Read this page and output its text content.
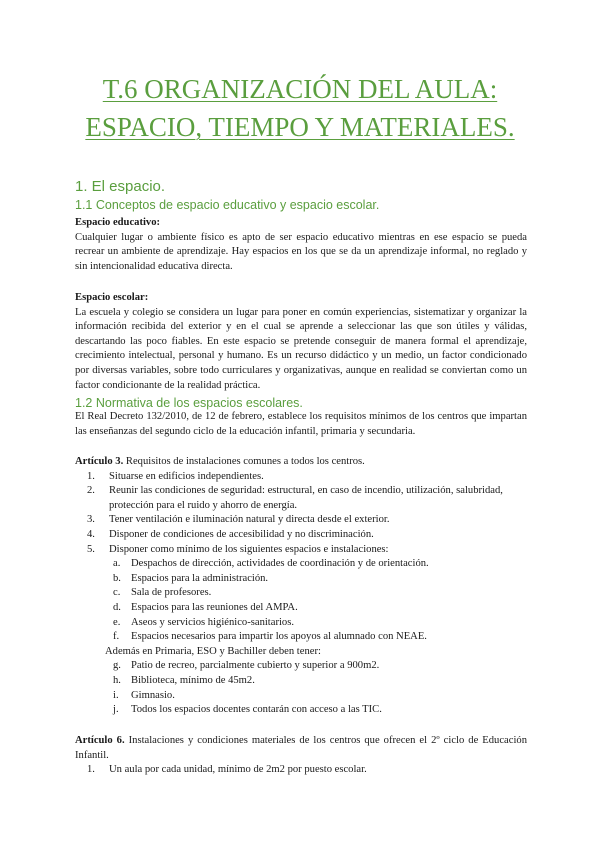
T.6 ORGANIZACIÓN DEL AULA:
ESPACIO, TIEMPO Y MATERIALES.
1. El espacio.
1.1 Conceptos de espacio educativo y espacio escolar.
Espacio educativo:

Cualquier lugar o ambiente físico es apto de ser espacio educativo mientras en ese espacio se pueda recrear un ambiente de aprendizaje. Hay espacios en los que se da un aprendizaje informal, no reglado y sin intencionalidad educativa directa.

Espacio escolar:

La escuela y colegio se considera un lugar para poner en común experiencias, sistematizar y organizar la información recibida del exterior y en el cual se aprende a seleccionar las que son útiles y válidas, descartando las poco fiables. En este espacio se pretende conseguir de manera formal el aprendizaje, crecimiento intelectual, personal y humano. Es un recurso didáctico y un medio, un factor condicionado por diversas variables, sobre todo curriculares y organizativas, aunque en realidad se conviertan como un factor condicionante de la realidad práctica.

1.2 Normativa de los espacios escolares.

El Real Decreto 132/2010, de 12 de febrero, establece los requisitos mínimos de los centros que impartan las enseñanzas del segundo ciclo de la educación infantil, primaria y secundaria.

Artículo 3. Requisitos de instalaciones comunes a todos los centros.

1. Situarse en edificios independientes.
2. Reunir las condiciones de seguridad: estructural, en caso de incendio, utilización, salubridad, protección para el ruido y ahorro de energía.
3. Tener ventilación e iluminación natural y directa desde el exterior.
4. Disponer de condiciones de accesibilidad y no discriminación.
5. Disponer como mínimo de los siguientes espacios e instalaciones:
a. Despachos de dirección, actividades de coordinación y de orientación.
b. Espacios para la administración.
c. Sala de profesores.
d. Espacios para las reuniones del AMPA.
e. Aseos y servicios higiénico-sanitarios.
f. Espacios necesarios para impartir los apoyos al alumnado con NEAE.

Además en Primaria, ESO y Bachiller deben tener:

g. Patio de recreo, parcialmente cubierto y superior a 900m2.
h. Biblioteca, mínimo de 45m2.
i. Gimnasio.
j. Todos los espacios docentes contarán con acceso a las TIC.

Artículo 6. Instalaciones y condiciones materiales de los centros que ofrecen el 2º ciclo de Educación Infantil.

1. Un aula por cada unidad, mínimo de 2m2 por puesto escolar.
